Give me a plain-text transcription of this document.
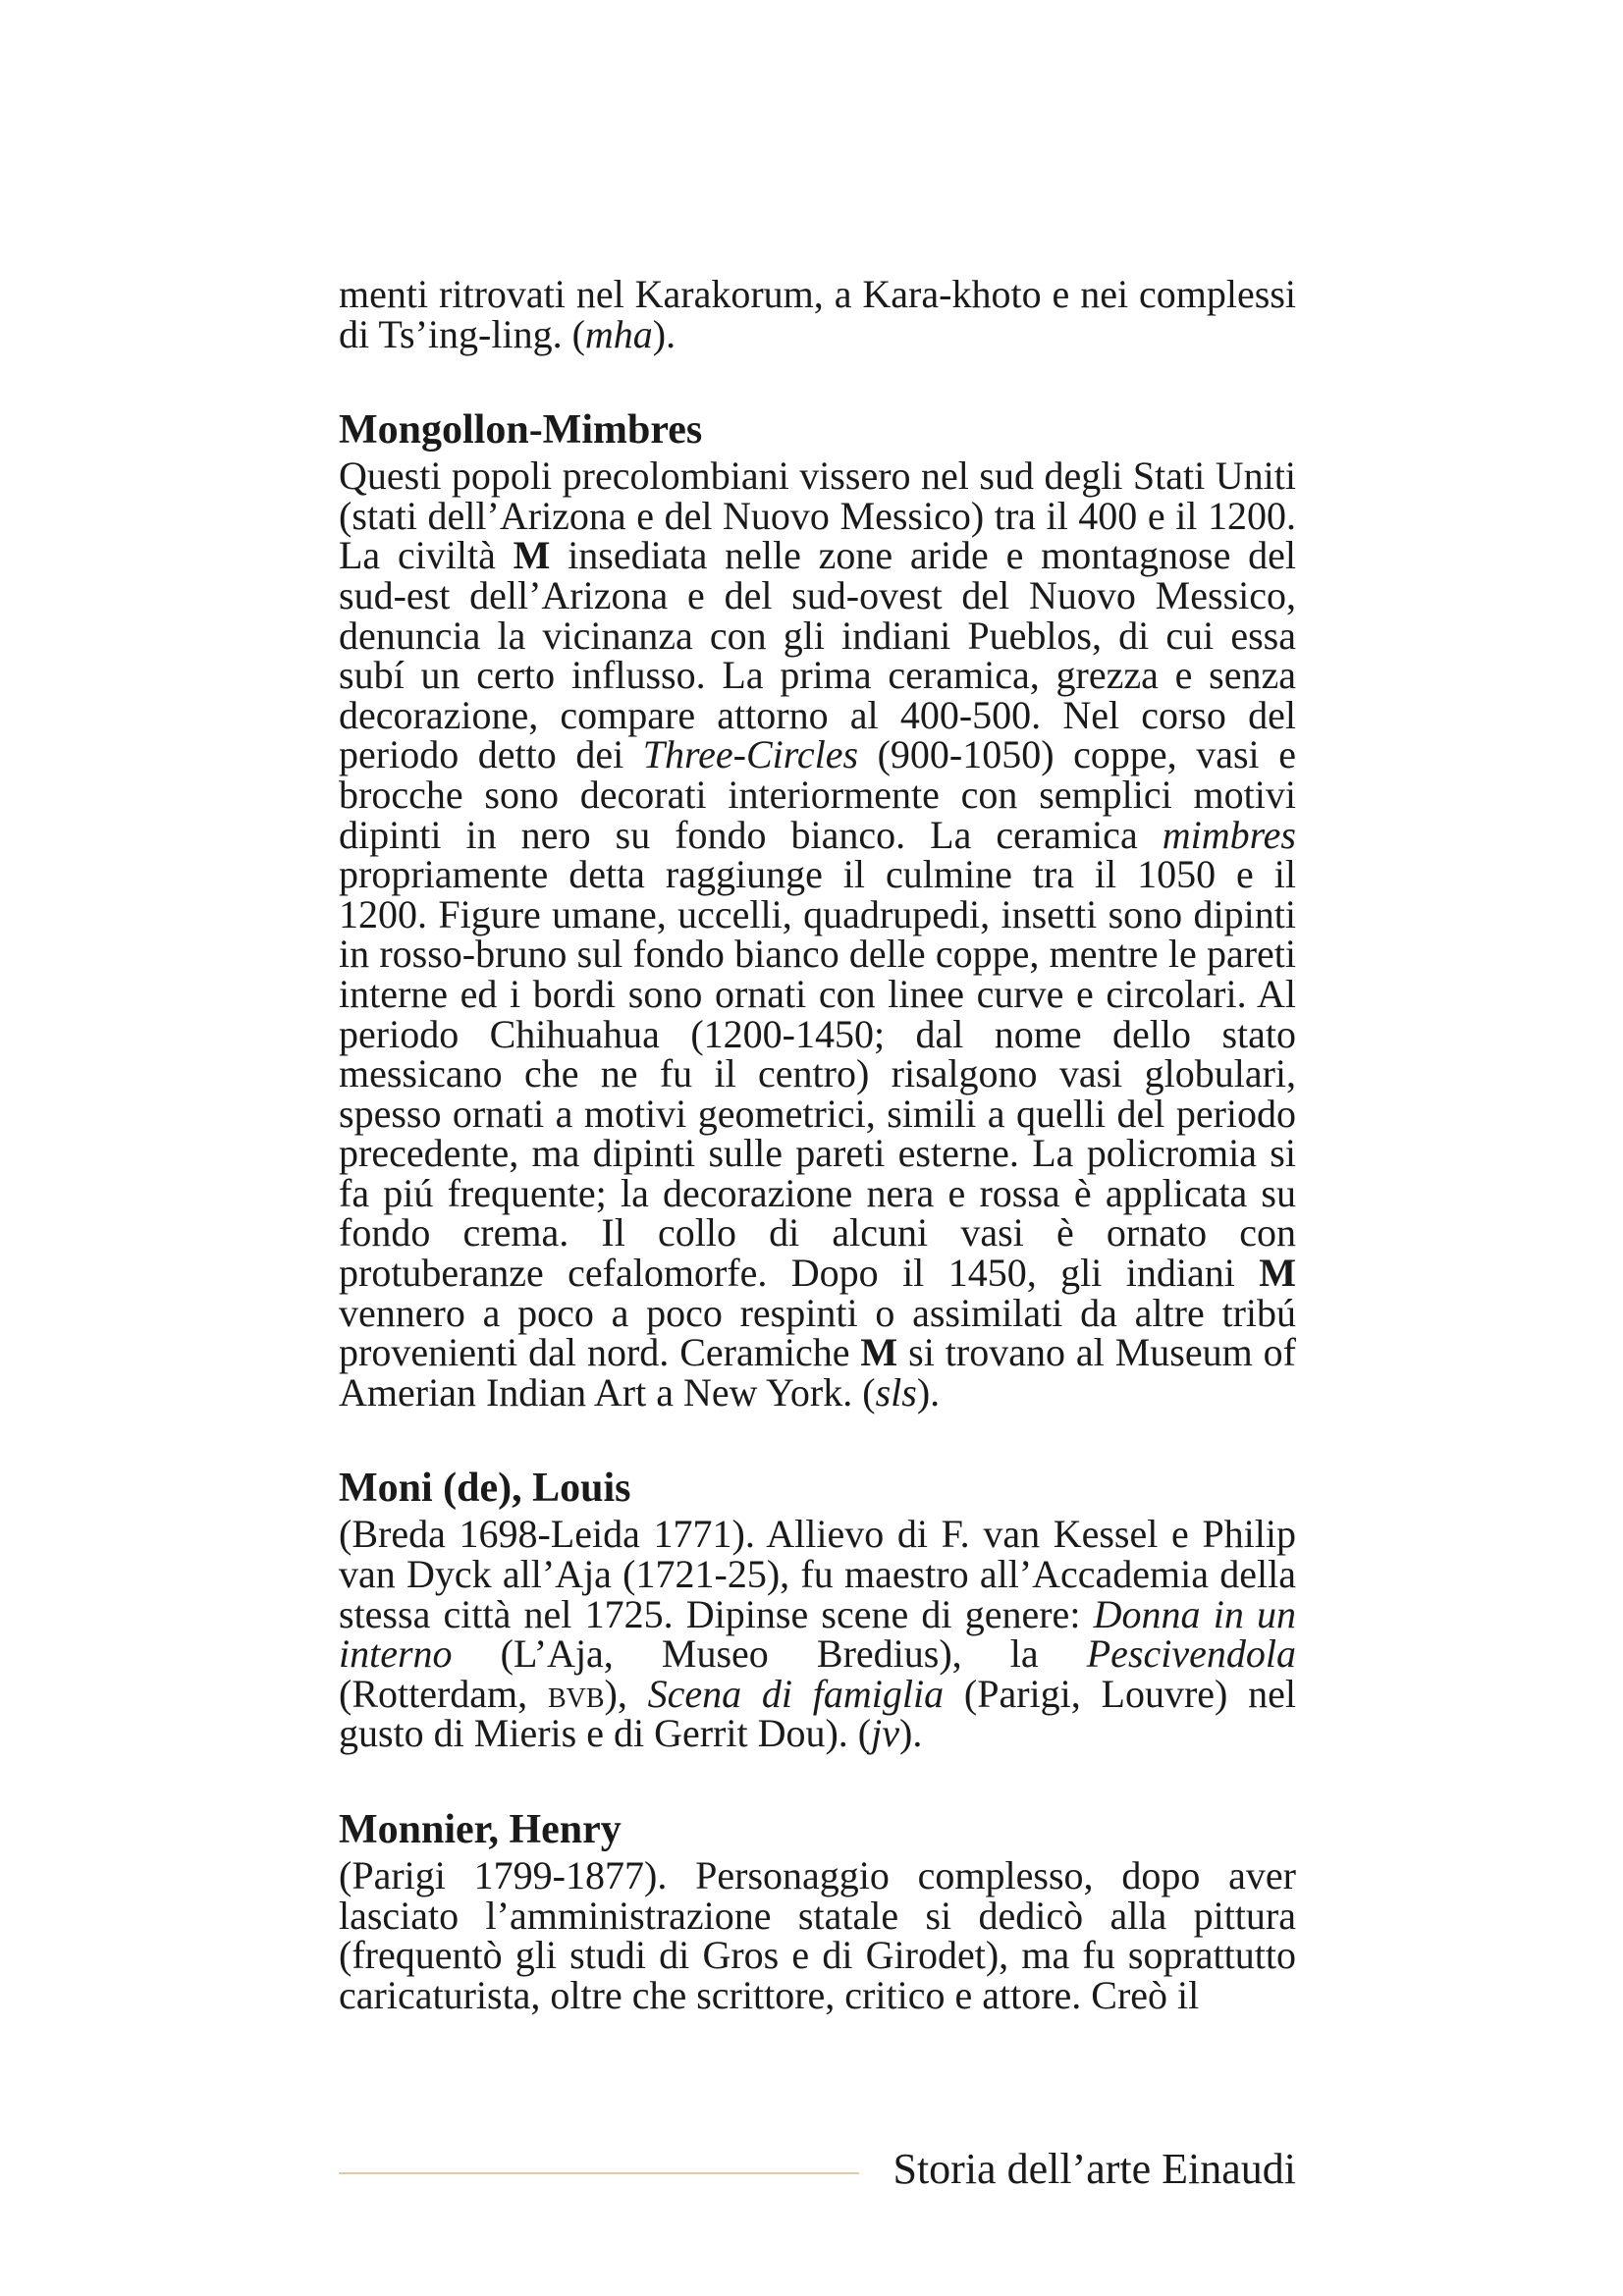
menti ritrovati nel Karakorum, a Kara-khoto e nei complessi di Ts’ing-ling. (mha).

Mongollon-Mimbres

Questi popoli precolombiani vissero nel sud degli Stati Uniti (stati dell’Arizona e del Nuovo Messico) tra il 400 e il 1200. La civiltà M insediata nelle zone aride e montagnose del sud-est dell’Arizona e del sud-ovest del Nuovo Messico, denuncia la vicinanza con gli indiani Pueblos, di cui essa subí un certo influsso. La prima ceramica, grezza e senza decorazione, compare attorno al 400-500. Nel corso del periodo detto dei Three-Circles (900-1050) coppe, vasi e brocche sono decorati interiormente con semplici motivi dipinti in nero su fondo bianco. La ceramica mimbres propriamente detta raggiunge il culmine tra il 1050 e il 1200. Figure umane, uccelli, quadrupedi, insetti sono dipinti in rosso-bruno sul fondo bianco delle coppe, mentre le pareti interne ed i bordi sono ornati con linee curve e circolari. Al periodo Chihuahua (1200-1450; dal nome dello stato messicano che ne fu il centro) risalgono vasi globulari, spesso ornati a motivi geometrici, simili a quelli del periodo precedente, ma dipinti sulle pareti esterne. La policromia si fa piú frequente; la decorazione nera e rossa è applicata su fondo crema. Il collo di alcuni vasi è ornato con protuberanze cefalomorfe. Dopo il 1450, gli indiani M vennero a poco a poco respinti o assimilati da altre tribú provenienti dal nord. Ceramiche M si trovano al Museum of Amerian Indian Art a New York. (sls).

Moni (de), Louis

(Breda 1698-Leida 1771). Allievo di F. van Kessel e Philip van Dyck all’Aja (1721-25), fu maestro all’Accademia della stessa città nel 1725. Dipinse scene di genere: Donna in un interno (L’Aja, Museo Bredius), la Pescivendola (Rotterdam, bvb), Scena di famiglia (Parigi, Louvre) nel gusto di Mieris e di Gerrit Dou). (jv).

Monnier, Henry

(Parigi 1799-1877). Personaggio complesso, dopo aver lasciato l’amministrazione statale si dedicò alla pittura (frequentò gli studi di Gros e di Girodet), ma fu soprattutto caricaturista, oltre che scrittore, critico e attore. Creò il

Storia dell’arte Einaudi
